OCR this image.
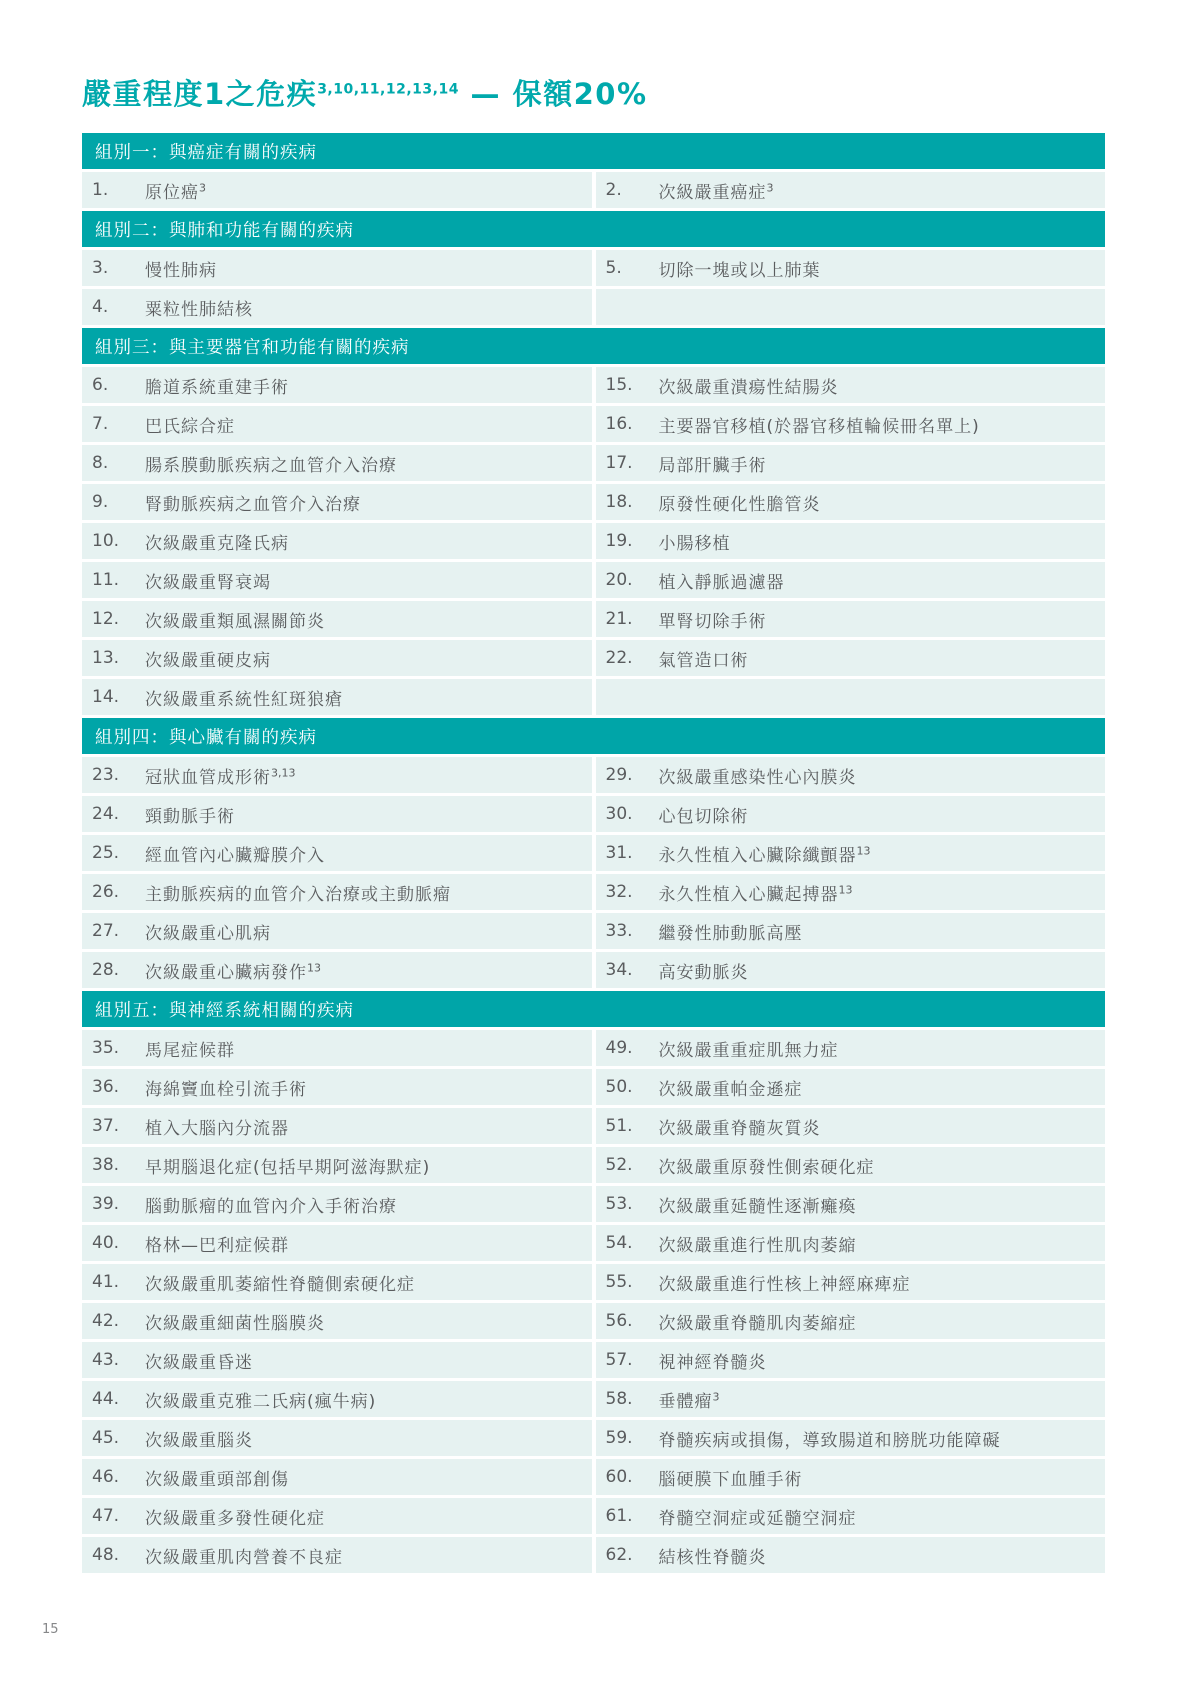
嚴重程度1之危疾$^{3,10,11,12,13,14}$ — 保額20%
組別一：與癌症有關的疾病
1.	原位癌$^3$	2.	次級嚴重癌症$^3$
組別二：與肺和功能有關的疾病
3.	慢性肺病	5.	切除一塊或以上肺葉
4.	粟粒性肺結核
組別三：與主要器官和功能有關的疾病
6.	膽道系統重建手術	15.	次級嚴重潰瘍性結腸炎
7.	巴氏綜合症	16.	主要器官移植(於器官移植輪候冊名單上)
8.	腸系膜動脈疾病之血管介入治療	17.	局部肝臟手術
9.	腎動脈疾病之血管介入治療	18.	原發性硬化性膽管炎
10.	次級嚴重克隆氏病	19.	小腸移植
11.	次級嚴重腎衰竭	20.	植入靜脈過濾器
12.	次級嚴重類風濕關節炎	21.	單腎切除手術
13.	次級嚴重硬皮病	22.	氣管造口術
14.	次級嚴重系統性紅斑狼瘡
組別四：與心臟有關的疾病
23.	冠狀血管成形術$^{3,13}$	29.	次級嚴重感染性心內膜炎
24.	頸動脈手術	30.	心包切除術
25.	經血管內心臟瓣膜介入	31.	永久性植入心臟除纖顫器$^{13}$
26.	主動脈疾病的血管介入治療或主動脈瘤	32.	永久性植入心臟起搏器$^{13}$
27.	次級嚴重心肌病	33.	繼發性肺動脈高壓
28.	次級嚴重心臟病發作$^{13}$	34.	高安動脈炎
組別五：與神經系統相關的疾病
35.	馬尾症候群	49.	次級嚴重重症肌無力症
36.	海綿竇血栓引流手術	50.	次級嚴重帕金遜症
37.	植入大腦內分流器	51.	次級嚴重脊髓灰質炎
38.	早期腦退化症(包括早期阿滋海默症)	52.	次級嚴重原發性側索硬化症
39.	腦動脈瘤的血管內介入手術治療	53.	次級嚴重延髓性逐漸癱瘓
40.	格林—巴利症候群	54.	次級嚴重進行性肌肉萎縮
41.	次級嚴重肌萎縮性脊髓側索硬化症	55.	次級嚴重進行性核上神經麻痺症
42.	次級嚴重細菌性腦膜炎	56.	次級嚴重脊髓肌肉萎縮症
43.	次級嚴重昏迷	57.	視神經脊髓炎
44.	次級嚴重克雅二氏病(瘋牛病)	58.	垂體瘤$^3$
45.	次級嚴重腦炎	59.	脊髓疾病或損傷，導致腸道和膀胱功能障礙
46.	次級嚴重頭部創傷	60.	腦硬膜下血腫手術
47.	次級嚴重多發性硬化症	61.	脊髓空洞症或延髓空洞症
48.	次級嚴重肌肉營養不良症	62.	結核性脊髓炎
15
